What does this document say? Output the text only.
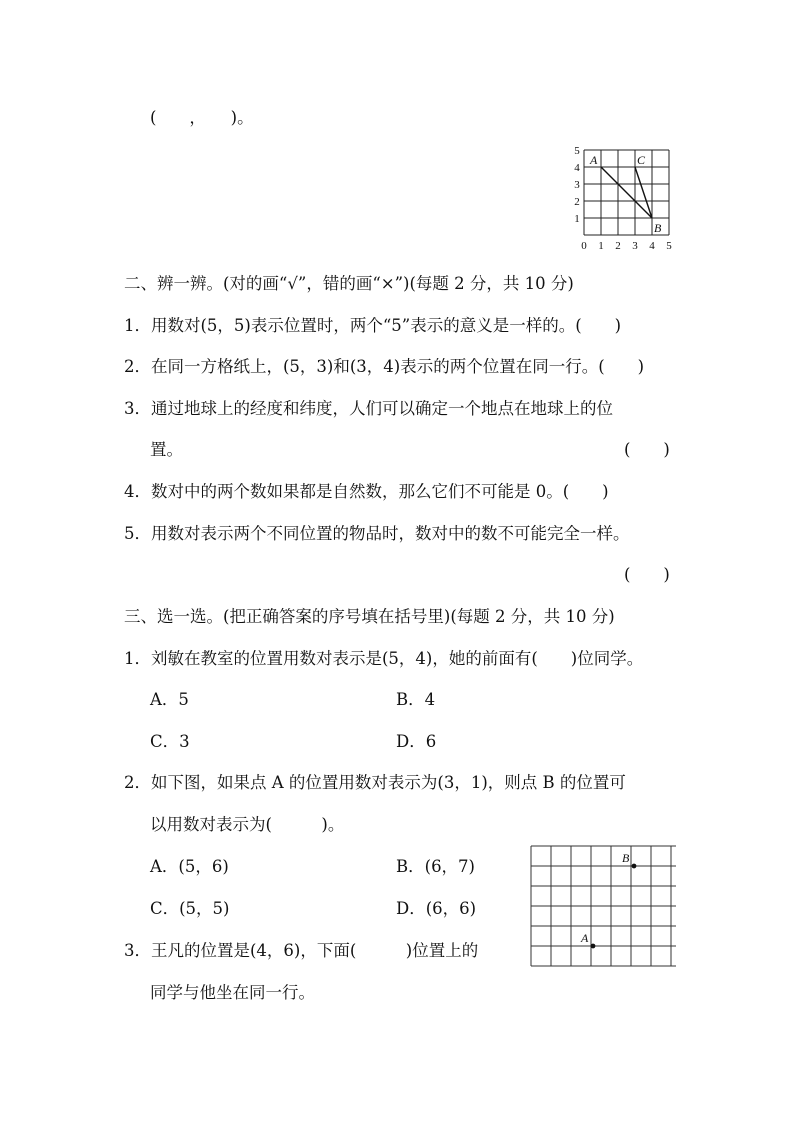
(　　，　　)。
5
4
3
2
1
0 1 2 3 4 5
A	C
B
二、辨一辨。(对的画“√”，错的画“×”)(每题 2 分，共 10 分)
1．用数对(5，5)表示位置时，两个“5”表示的意义是一样的。(　　)
2．在同一方格纸上，(5，3)和(3，4)表示的两个位置在同一行。(　　)
3．通过地球上的经度和纬度，人们可以确定一个地点在地球上的位
置。	(　　)
4．数对中的两个数如果都是自然数，那么它们不可能是 0。(　　)
5．用数对表示两个不同位置的物品时，数对中的数不可能完全一样。
(　　)
三、选一选。(把正确答案的序号填在括号里)(每题 2 分，共 10 分)
1．刘敏在教室的位置用数对表示是(5，4)，她的前面有(　　)位同学。
A．5	B．4
C．3	D．6
2．如下图，如果点 A 的位置用数对表示为(3，1)，则点 B 的位置可
以用数对表示为(　　　)。
A．(5，6)	B．(6，7)
C．(5，5)	D．(6，6)
A
B
3．王凡的位置是(4，6)，下面(　　　)位置上的
同学与他坐在同一行。
